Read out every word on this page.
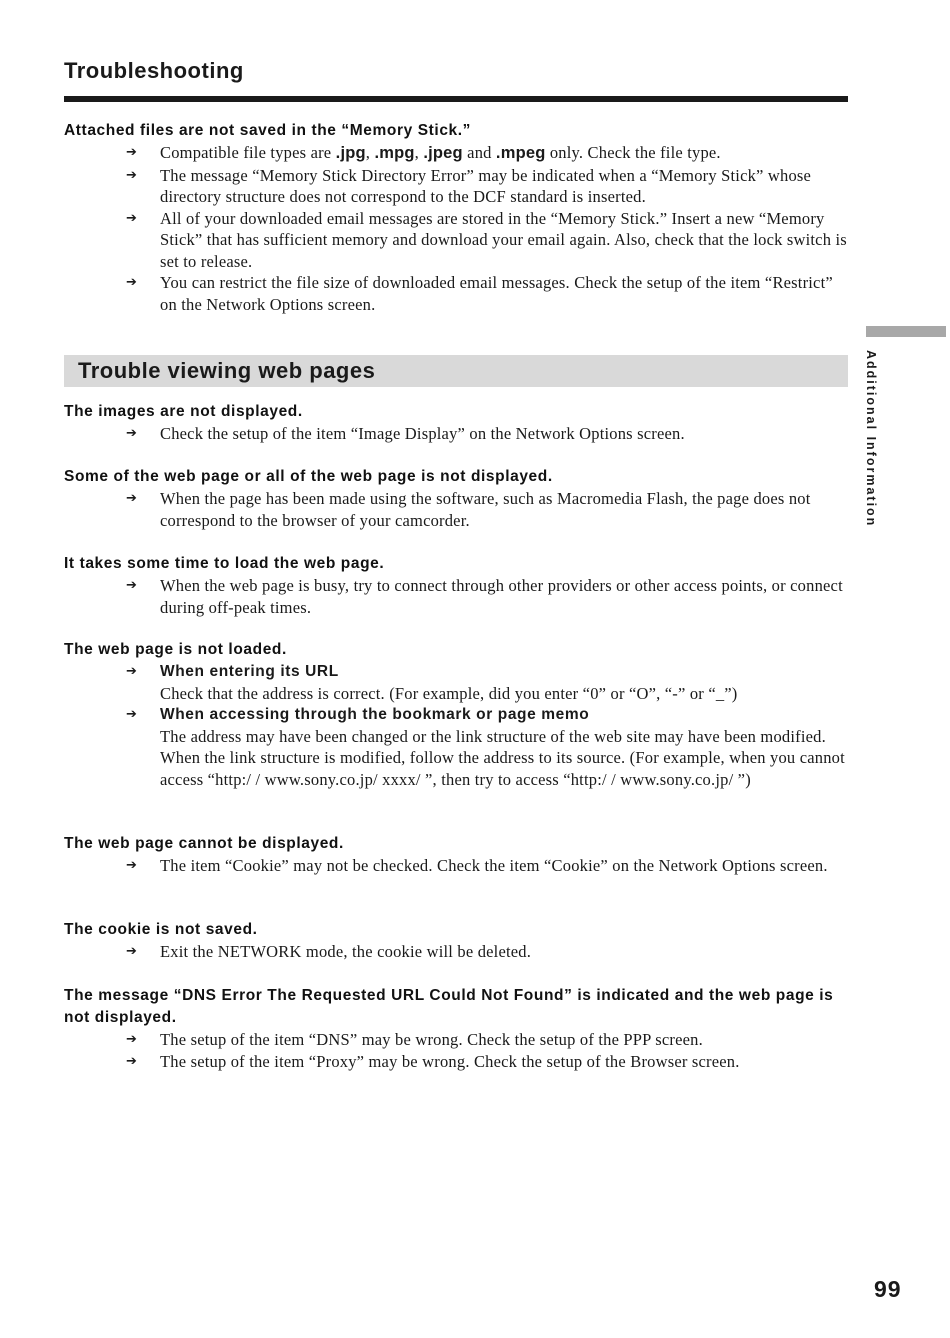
Troubleshooting
Additional Information
Attached files are not saved in the “Memory Stick.”
➔ Compatible file types are .jpg, .mpg, .jpeg and .mpeg only. Check the file type.
➔ The message “Memory Stick Directory Error” may be indicated when a “Memory Stick” whose directory structure does not correspond to the DCF standard is inserted.
➔ All of your downloaded email messages are stored in the “Memory Stick.” Insert a new “Memory Stick” that has sufficient memory and download your email again. Also, check that the lock switch is set to release.
➔ You can restrict the file size of downloaded email messages. Check the setup of the item “Restrict” on the Network Options screen.
Trouble viewing web pages
The images are not displayed.
➔ Check the setup of the item “Image Display” on the Network Options screen.
Some of the web page or all of the web page is not displayed.
➔ When the page has been made using the software, such as Macromedia Flash, the page does not correspond to the browser of your camcorder.
It takes some time to load the web page.
➔ When the web page is busy, try to connect through other providers or other access points, or connect during off-peak times.
The web page is not loaded.
➔ When entering its URL
Check that the address is correct. (For example, did you enter “0” or “O”, “-” or “_”)
➔ When accessing through the bookmark or page memo
The address may have been changed or the link structure of the web site may have been modified. When the link structure is modified, follow the address to its source. (For example, when you cannot access “http:/ / www.sony.co.jp/ xxxx/ ”, then try to access “http:/ / www.sony.co.jp/ ”)
The web page cannot be displayed.
➔ The item “Cookie” may not be checked. Check the item “Cookie” on the Network Options screen.
The cookie is not saved.
➔ Exit the NETWORK mode, the cookie will be deleted.
The message “DNS Error The Requested URL Could Not Found” is indicated and the web page is not displayed.
➔ The setup of the item “DNS” may be wrong. Check the setup of the PPP screen.
➔ The setup of the item “Proxy” may be wrong. Check the setup of the Browser screen.
99
